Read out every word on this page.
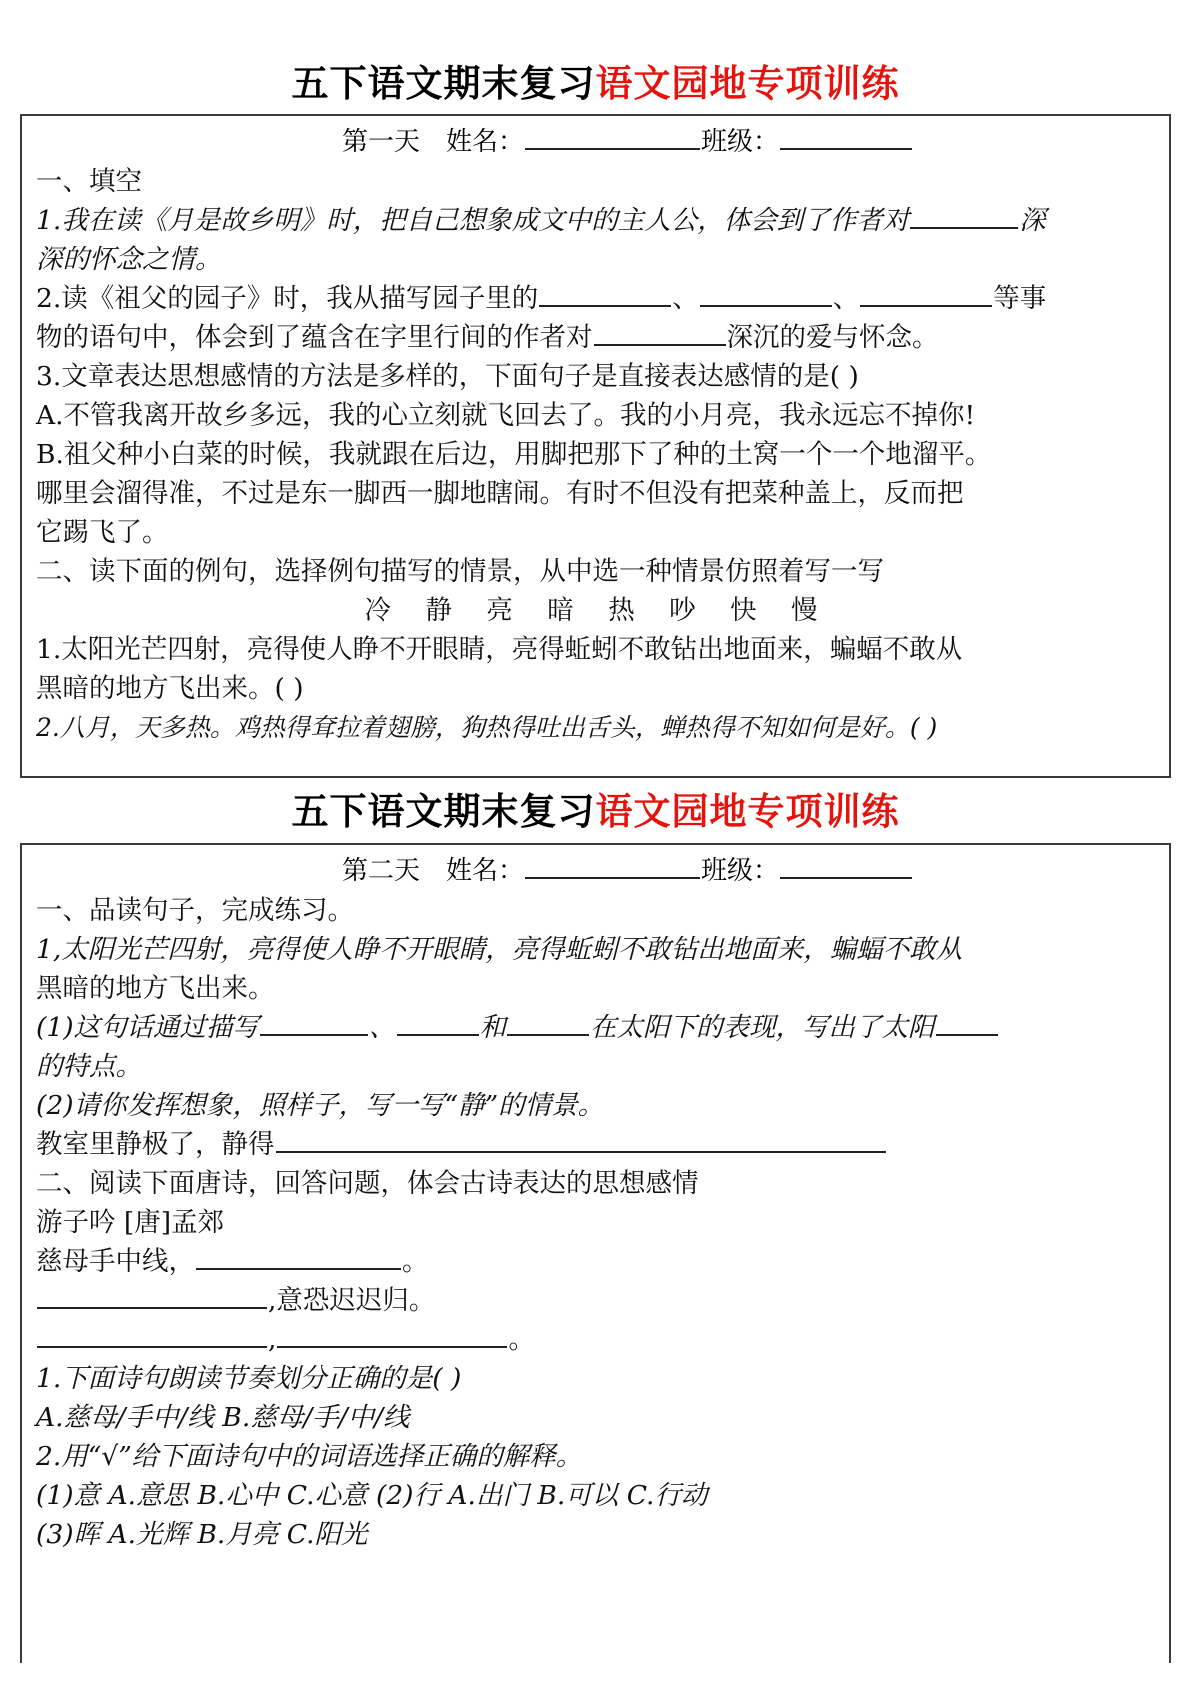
五下语文期末复习语文园地专项训练
第一天 姓名：	班级：
一、填空
1.我在读《月是故乡明》时，把自己想象成文中的主人公，体会到了作者对	深
深的怀念之情。
2.读《祖父的园子》时，我从描写园子里的	、	、	等事
物的语句中，体会到了蕴含在字里行间的作者对	深沉的爱与怀念。
3.文章表达思想感情的方法是多样的，下面句子是直接表达感情的是( )
A.不管我离开故乡多远，我的心立刻就飞回去了。我的小月亮，我永远忘不掉你!
B.祖父种小白菜的时候，我就跟在后边，用脚把那下了种的土窝一个一个地溜平。
哪里会溜得准，不过是东一脚西一脚地瞎闹。有时不但没有把菜种盖上，反而把
它踢飞了。
二、读下面的例句，选择例句描写的情景，从中选一种情景仿照着写一写
冷 静 亮 暗 热 吵 快 慢
1.太阳光芒四射，亮得使人睁不开眼睛，亮得蚯蚓不敢钻出地面来，蝙蝠不敢从
黑暗的地方飞出来。( )
2.八月，天多热。鸡热得耷拉着翅膀，狗热得吐出舌头，蝉热得不知如何是好。( )
五下语文期末复习语文园地专项训练
第二天 姓名：	班级：
一、品读句子，完成练习。
1,太阳光芒四射，亮得使人睁不开眼睛，亮得蚯蚓不敢钻出地面来，蝙蝠不敢从
黑暗的地方飞出来。
(1)这句话通过描写	、	和	在太阳下的表现，写出了太阳
的特点。
(2)请你发挥想象，照样子，写一写“静”的情景。
教室里静极了，静得
二、阅读下面唐诗，回答问题，体会古诗表达的思想感情
游子吟 [唐]孟郊
慈母手中线，	。
,意恐迟迟归。
,	。
1.下面诗句朗读节奏划分正确的是( )
A.慈母/手中/线 B.慈母/手/中/线
2.用“√”给下面诗句中的词语选择正确的解释。
(1)意 A.意思 B.心中 C.心意 (2)行 A.出门 B.可以 C.行动
(3)晖 A.光辉 B.月亮 C.阳光
